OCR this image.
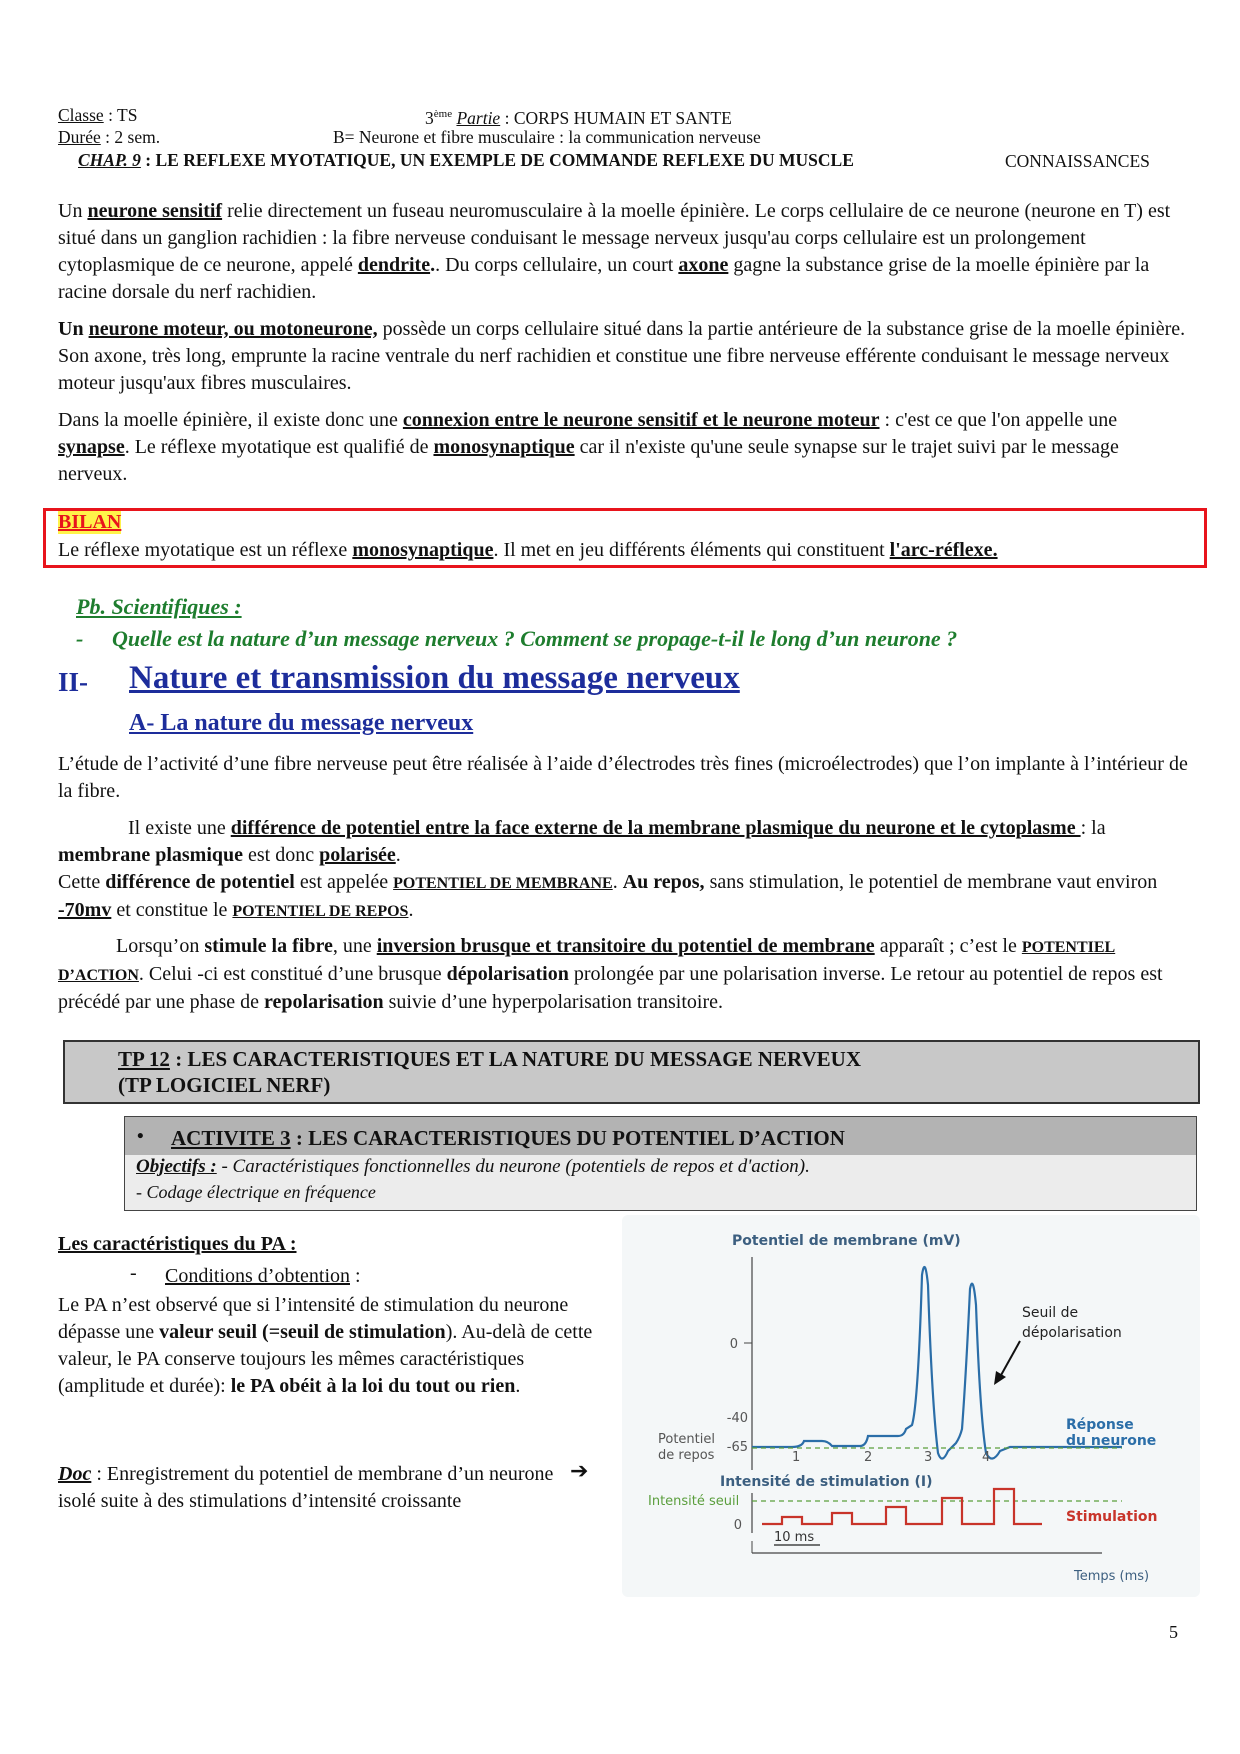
Classe : TS
Durée : 2 sem.
3ème Partie : CORPS HUMAIN ET SANTE
B= Neurone et fibre musculaire : la communication nerveuse
CHAP. 9 : LE REFLEXE MYOTATIQUE, UN EXEMPLE DE COMMANDE REFLEXE DU MUSCLE	CONNAISSANCES
Un neurone sensitif relie directement un fuseau neuromusculaire à la moelle épinière. Le corps cellulaire de ce neurone (neurone en T) est situé dans un ganglion rachidien : la fibre nerveuse conduisant le message nerveux jusqu'au corps cellulaire est un prolongement cytoplasmique de ce neurone, appelé dendrite.. Du corps cellulaire, un court axone gagne la substance grise de la moelle épinière par la racine dorsale du nerf rachidien.
Un neurone moteur, ou motoneurone, possède un corps cellulaire situé dans la partie antérieure de la substance grise de la moelle épinière. Son axone, très long, emprunte la racine ventrale du nerf rachidien et constitue une fibre nerveuse efférente conduisant le message nerveux moteur jusqu'aux fibres musculaires.
Dans la moelle épinière, il existe donc une connexion entre le neurone sensitif et le neurone moteur : c'est ce que l'on appelle une synapse. Le réflexe myotatique est qualifié de monosynaptique car il n'existe qu'une seule synapse sur le trajet suivi par le message nerveux.
BILAN
Le réflexe myotatique est un réflexe monosynaptique. Il met en jeu différents éléments qui constituent l'arc-réflexe.
Pb. Scientifiques :
- Quelle est la nature d’un message nerveux ? Comment se propage-t-il le long d’un neurone ?
II- Nature et transmission du message nerveux
A- La nature du message nerveux
L’étude de l’activité d’une fibre nerveuse peut être réalisée à l’aide d’électrodes très fines (microélectrodes) que l’on implante à l’intérieur de la fibre.
Il existe une différence de potentiel entre la face externe de la membrane plasmique du neurone et le cytoplasme : la membrane plasmique est donc polarisée.
Cette différence de potentiel est appelée POTENTIEL DE MEMBRANE. Au repos, sans stimulation, le potentiel de membrane vaut environ -70mv et constitue le POTENTIEL DE REPOS.
Lorsqu’on stimule la fibre, une inversion brusque et transitoire du potentiel de membrane apparaît ; c’est le POTENTIEL D’ACTION. Celui -ci est constitué d’une brusque dépolarisation prolongée par une polarisation inverse. Le retour au potentiel de repos est précédé par une phase de repolarisation suivie d’une hyperpolarisation transitoire.
TP 12 : LES CARACTERISTIQUES ET LA NATURE DU MESSAGE NERVEUX
(TP LOGICIEL NERF)
• ACTIVITE 3 : LES CARACTERISTIQUES DU POTENTIEL D’ACTION
Objectifs : - Caractéristiques fonctionnelles du neurone (potentiels de repos et d'action).
- Codage électrique en fréquence
Les caractéristiques du PA :
- Conditions d’obtention :
Le PA n’est observé que si l’intensité de stimulation du neurone dépasse une valeur seuil (=seuil de stimulation). Au-delà de cette valeur, le PA conserve toujours les mêmes caractéristiques (amplitude et durée): le PA obéit à la loi du tout ou rien.
Doc : Enregistrement du potentiel de membrane d’un neurone isolé suite à des stimulations d’intensité croissante
➔
Potentiel de membrane (mV)
0
-40
-65
Potentiel
de repos	1	2	3	4
Seuil de
dépolarisation
Réponse
du neurone
Intensité de stimulation (I)
Intensité seuil
0
Stimulation
10 ms
Temps (ms)
5
